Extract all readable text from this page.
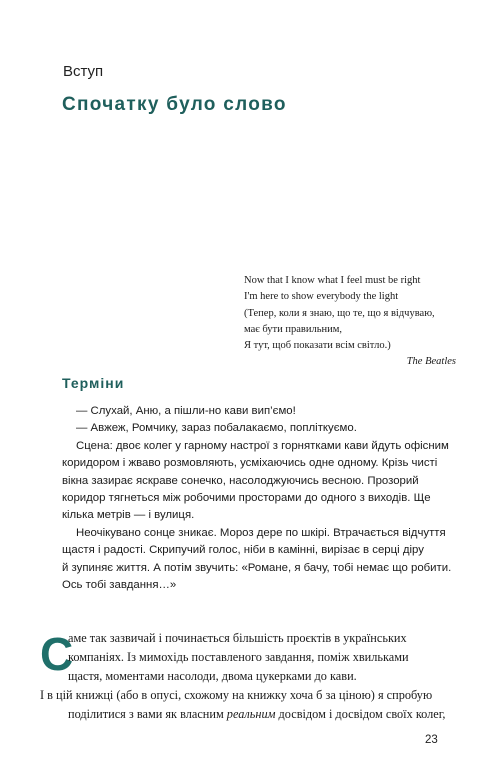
Вступ
Спочатку було слово
Now that I know what I feel must be right
I'm here to show everybody the light
(Тепер, коли я знаю, що те, що я відчуваю,
має бути правильним,
Я тут, щоб показати всім світло.)
The Beatles
Терміни
— Слухай, Аню, а пішли-но кави вип’ємо!
— Авжеж, Ромчику, зараз побалакаємо, поплiткуємо.
Сцена: двоє колег у гарному настрої з горнятками кави йдуть офісним
коридором і жваво розмовляють, усміхаючись одне одному. Крізь чисті
вікна зазирає яскраве сонечко, насолоджуючись весною. Прозорий
коридор тягнеться між робочими просторами до одного з виходів. Ще
кілька метрів — і вулиця.
Неочікувано сонце зникає. Мороз дере по шкірі. Втрачається відчуття
щастя і радості. Скрипучий голос, ніби в камінні, вирізає в серці діру
й зупиняє життя. А потім звучить: «Романе, я бачу, тобі немає що робити.
Ось тобі завдання…»
С
аме так зазвичай і починається більшість проєктів в українських
компаніях. Із мимохідь поставленого завдання, поміж хвильками
щастя, моментами насолоди, двома цукерками до кави.
І в цій книжці (або в опусі, схожому на книжку хоча б за ціною) я спробую
поділитися з вами як власним реальним досвідом і досвідом своїх колег,
23
